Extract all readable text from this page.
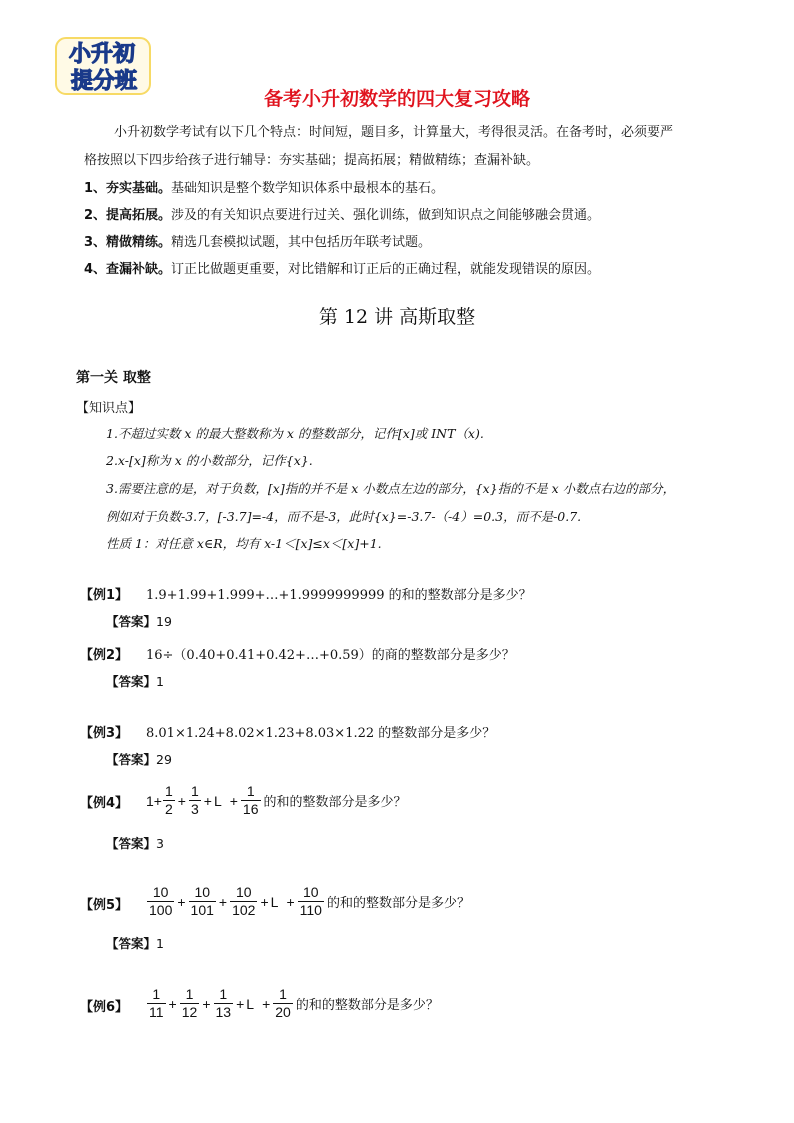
小升初
提分班
备考小升初数学的四大复习攻略
小升初数学考试有以下几个特点：时间短，题目多，计算量大，考得很灵活。在备考时，必须要严
格按照以下四步给孩子进行辅导：夯实基础；提高拓展；精做精练；查漏补缺。
1、夯实基础。基础知识是整个数学知识体系中最根本的基石。
2、提高拓展。涉及的有关知识点要进行过关、强化训练，做到知识点之间能够融会贯通。
3、精做精练。精选几套模拟试题，其中包括历年联考试题。
4、查漏补缺。订正比做题更重要，对比错解和订正后的正确过程，就能发现错误的原因。
第 12 讲 高斯取整
第一关 取整
【知识点】
1.不超过实数 x 的最大整数称为 x 的整数部分，记作[x]或 INT（x).
2.x-[x]称为 x 的小数部分，记作{x}.
3.需要注意的是，对于负数，[x]指的并不是 x 小数点左边的部分，{x}指的不是 x 小数点右边的部分，
例如对于负数-3.7，[-3.7]=-4，而不是-3，此时{x}=-3.7-（-4）=0.3，而不是-0.7.
性质 1：对任意 x∈R，均有 x-1＜[x]≤x＜[x]+1.
【例1】 1.9+1.99+1.999+…+1.9999999999 的和的整数部分是多少？
【答案】19
【例2】 16÷（0.40+0.41+0.42+…+0.59）的商的整数部分是多少？
【答案】1
【例3】 8.01×1.24+8.02×1.23+8.03×1.22 的整数部分是多少？
【答案】29
【例4】 $1+ \frac{1}{2} + \frac{1}{3} + L + \frac{1}{16}$ 的和的整数部分是多少？
【答案】3
【例5】 $\frac{10}{100} + \frac{10}{101} + \frac{10}{102} + L + \frac{10}{110}$ 的和的整数部分是多少？
【答案】1
【例6】 $\frac{1}{11} + \frac{1}{12} + \frac{1}{13} + L + \frac{1}{20}$ 的和的整数部分是多少？
